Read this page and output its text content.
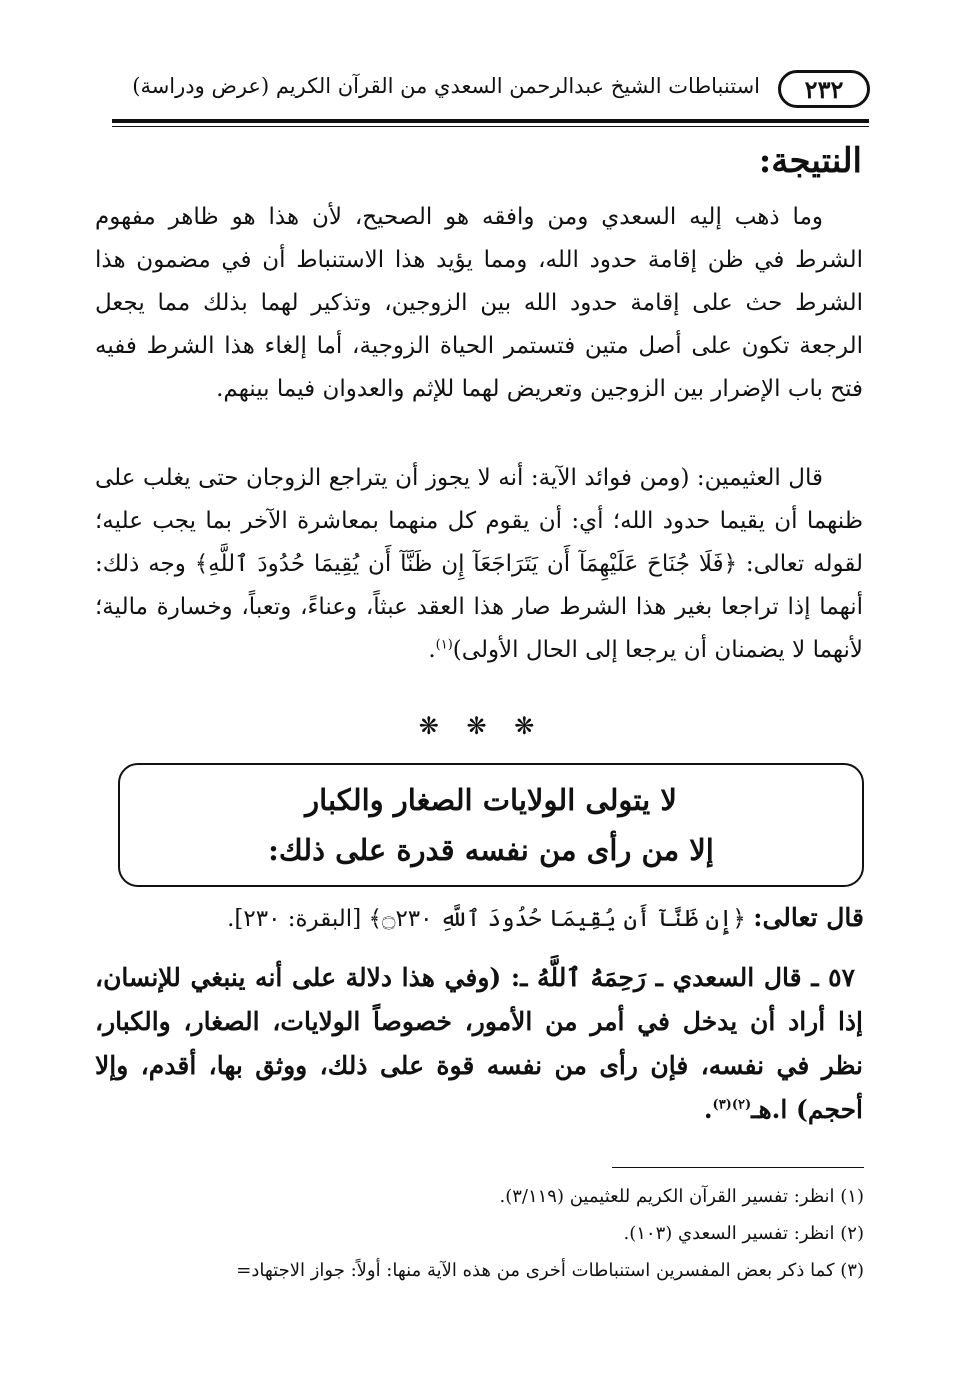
٢٣٢
استنباطات الشيخ عبدالرحمن السعدي من القرآن الكريم (عرض ودراسة)
النتيجة:

وما ذهب إليه السعدي ومن وافقه هو الصحيح، لأن هذا هو ظاهر مفهوم الشرط في ظن إقامة حدود الله، ومما يؤيد هذا الاستنباط أن في مضمون هذا الشرط حث على إقامة حدود الله بين الزوجين، وتذكير لهما بذلك مما يجعل الرجعة تكون على أصل متين فتستمر الحياة الزوجية، أما إلغاء هذا الشرط ففيه فتح باب الإضرار بين الزوجين وتعريض لهما للإثم والعدوان فيما بينهم.

قال العثيمين: (ومن فوائد الآية: أنه لا يجوز أن يتراجع الزوجان حتى يغلب على ظنهما أن يقيما حدود الله؛ أي: أن يقوم كل منهما بمعاشرة الآخر بما يجب عليه؛ لقوله تعالى: ﴿فَلَا جُنَاحَ عَلَيْهِمَآ أَن يَتَرَاجَعَآ إِن ظَنَّآ أَن يُقِيمَا حُدُودَ ٱللَّهِ﴾ وجه ذلك: أنهما إذا تراجعا بغير هذا الشرط صار هذا العقد عبثاً، وعناءً، وتعباً، وخسارة مالية؛ لأنهما لا يضمنان أن يرجعا إلى الحال الأولى)$^{(١)}$.

❋ ❋ ❋
لا يتولى الولايات الصغار والكبار
إلا من رأى من نفسه قدرة على ذلك:
قال تعالى: ﴿إِن ظَنَّآ أَن يُقِيمَا حُدُودَ ٱللَّهِ ۝٢٣٠﴾ [البقرة: ٢٣٠].

٥٧ ـ قال السعدي ـ رَحِمَهُ ٱللَّهُ ـ: (وفي هذا دلالة على أنه ينبغي للإنسان، إذا أراد أن يدخل في أمر من الأمور، خصوصاً الولايات، الصغار، والكبار، نظر في نفسه، فإن رأى من نفسه قوة على ذلك، ووثق بها، أقدم، وإلا أحجم) ا.هـ$^{(٢)(٣)}$.

(١) انظر: تفسير القرآن الكريم للعثيمين (٣/١١٩).
(٢) انظر: تفسير السعدي (١٠٣).
(٣) كما ذكر بعض المفسرين استنباطات أخرى من هذه الآية منها: أولاً: جواز الاجتهاد=
